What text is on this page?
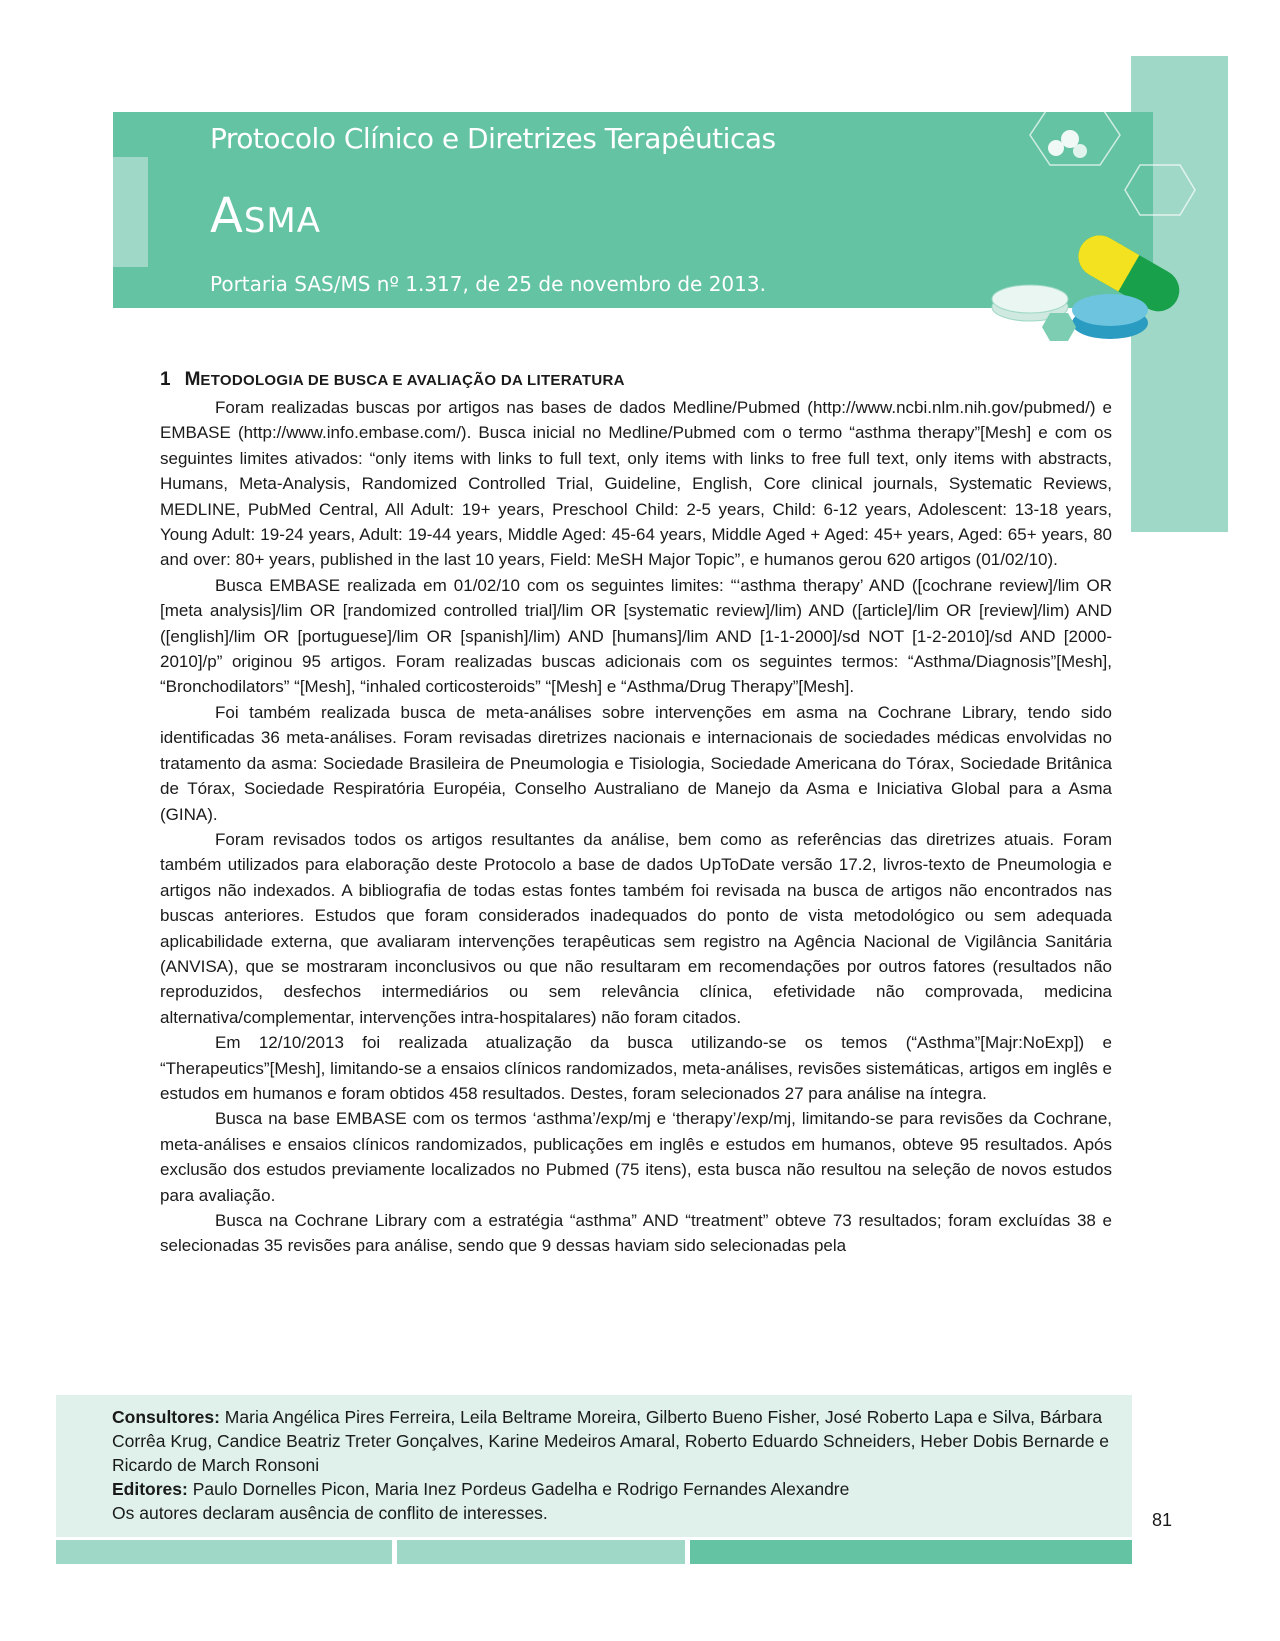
Protocolo Clínico e Diretrizes Terapêuticas
Asma
Portaria SAS/MS nº 1.317, de 25 de novembro de 2013.
1 METODOLOGIA DE BUSCA E AVALIAÇÃO DA LITERATURA

Foram realizadas buscas por artigos nas bases de dados Medline/Pubmed (http://www.ncbi.nlm.nih.gov/pubmed/) e EMBASE (http://www.info.embase.com/). Busca inicial no Medline/Pubmed com o termo “asthma therapy”[Mesh] e com os seguintes limites ativados: “only items with links to full text, only items with links to free full text, only items with abstracts, Humans, Meta-Analysis, Randomized Controlled Trial, Guideline, English, Core clinical journals, Systematic Reviews, MEDLINE, PubMed Central, All Adult: 19+ years, Preschool Child: 2-5 years, Child: 6-12 years, Adolescent: 13-18 years, Young Adult: 19-24 years, Adult: 19-44 years, Middle Aged: 45-64 years, Middle Aged + Aged: 45+ years, Aged: 65+ years, 80 and over: 80+ years, published in the last 10 years, Field: MeSH Major Topic”, e humanos gerou 620 artigos (01/02/10).

Busca EMBASE realizada em 01/02/10 com os seguintes limites: “‘asthma therapy’ AND ([cochrane review]/lim OR [meta analysis]/lim OR [randomized controlled trial]/lim OR [systematic review]/lim) AND ([article]/lim OR [review]/lim) AND ([english]/lim OR [portuguese]/lim OR [spanish]/lim) AND [humans]/lim AND [1-1-2000]/sd NOT [1-2-2010]/sd AND [2000-2010]/p” originou 95 artigos. Foram realizadas buscas adicionais com os seguintes termos: “Asthma/Diagnosis”[Mesh], “Bronchodilators” “[Mesh], “inhaled corticosteroids” “[Mesh] e “Asthma/Drug Therapy”[Mesh].

Foi também realizada busca de meta-análises sobre intervenções em asma na Cochrane Library, tendo sido identificadas 36 meta-análises. Foram revisadas diretrizes nacionais e internacionais de sociedades médicas envolvidas no tratamento da asma: Sociedade Brasileira de Pneumologia e Tisiologia, Sociedade Americana do Tórax, Sociedade Britânica de Tórax, Sociedade Respiratória Européia, Conselho Australiano de Manejo da Asma e Iniciativa Global para a Asma (GINA).

Foram revisados todos os artigos resultantes da análise, bem como as referências das diretrizes atuais. Foram também utilizados para elaboração deste Protocolo a base de dados UpToDate versão 17.2, livros-texto de Pneumologia e artigos não indexados. A bibliografia de todas estas fontes também foi revisada na busca de artigos não encontrados nas buscas anteriores. Estudos que foram considerados inadequados do ponto de vista metodológico ou sem adequada aplicabilidade externa, que avaliaram intervenções terapêuticas sem registro na Agência Nacional de Vigilância Sanitária (ANVISA), que se mostraram inconclusivos ou que não resultaram em recomendações por outros fatores (resultados não reproduzidos, desfechos intermediários ou sem relevância clínica, efetividade não comprovada, medicina alternativa/complementar, intervenções intra-hospitalares) não foram citados.

Em 12/10/2013 foi realizada atualização da busca utilizando-se os temos (“Asthma”[Majr:NoExp]) e “Therapeutics”[Mesh], limitando-se a ensaios clínicos randomizados, meta-análises, revisões sistemáticas, artigos em inglês e estudos em humanos e foram obtidos 458 resultados. Destes, foram selecionados 27 para análise na íntegra.

Busca na base EMBASE com os termos ‘asthma’/exp/mj e ‘therapy’/exp/mj, limitando-se para revisões da Cochrane, meta-análises e ensaios clínicos randomizados, publicações em inglês e estudos em humanos, obteve 95 resultados. Após exclusão dos estudos previamente localizados no Pubmed (75 itens), esta busca não resultou na seleção de novos estudos para avaliação.

Busca na Cochrane Library com a estratégia “asthma” AND “treatment” obteve 73 resultados; foram excluídas 38 e selecionadas 35 revisões para análise, sendo que 9 dessas haviam sido selecionadas pela

Consultores: Maria Angélica Pires Ferreira, Leila Beltrame Moreira, Gilberto Bueno Fisher, José Roberto Lapa e Silva, Bárbara Corrêa Krug, Candice Beatriz Treter Gonçalves, Karine Medeiros Amaral, Roberto Eduardo Schneiders, Heber Dobis Bernarde e Ricardo de March Ronsoni
Editores: Paulo Dornelles Picon, Maria Inez Pordeus Gadelha e Rodrigo Fernandes Alexandre
Os autores declaram ausência de conflito de interesses.	81
